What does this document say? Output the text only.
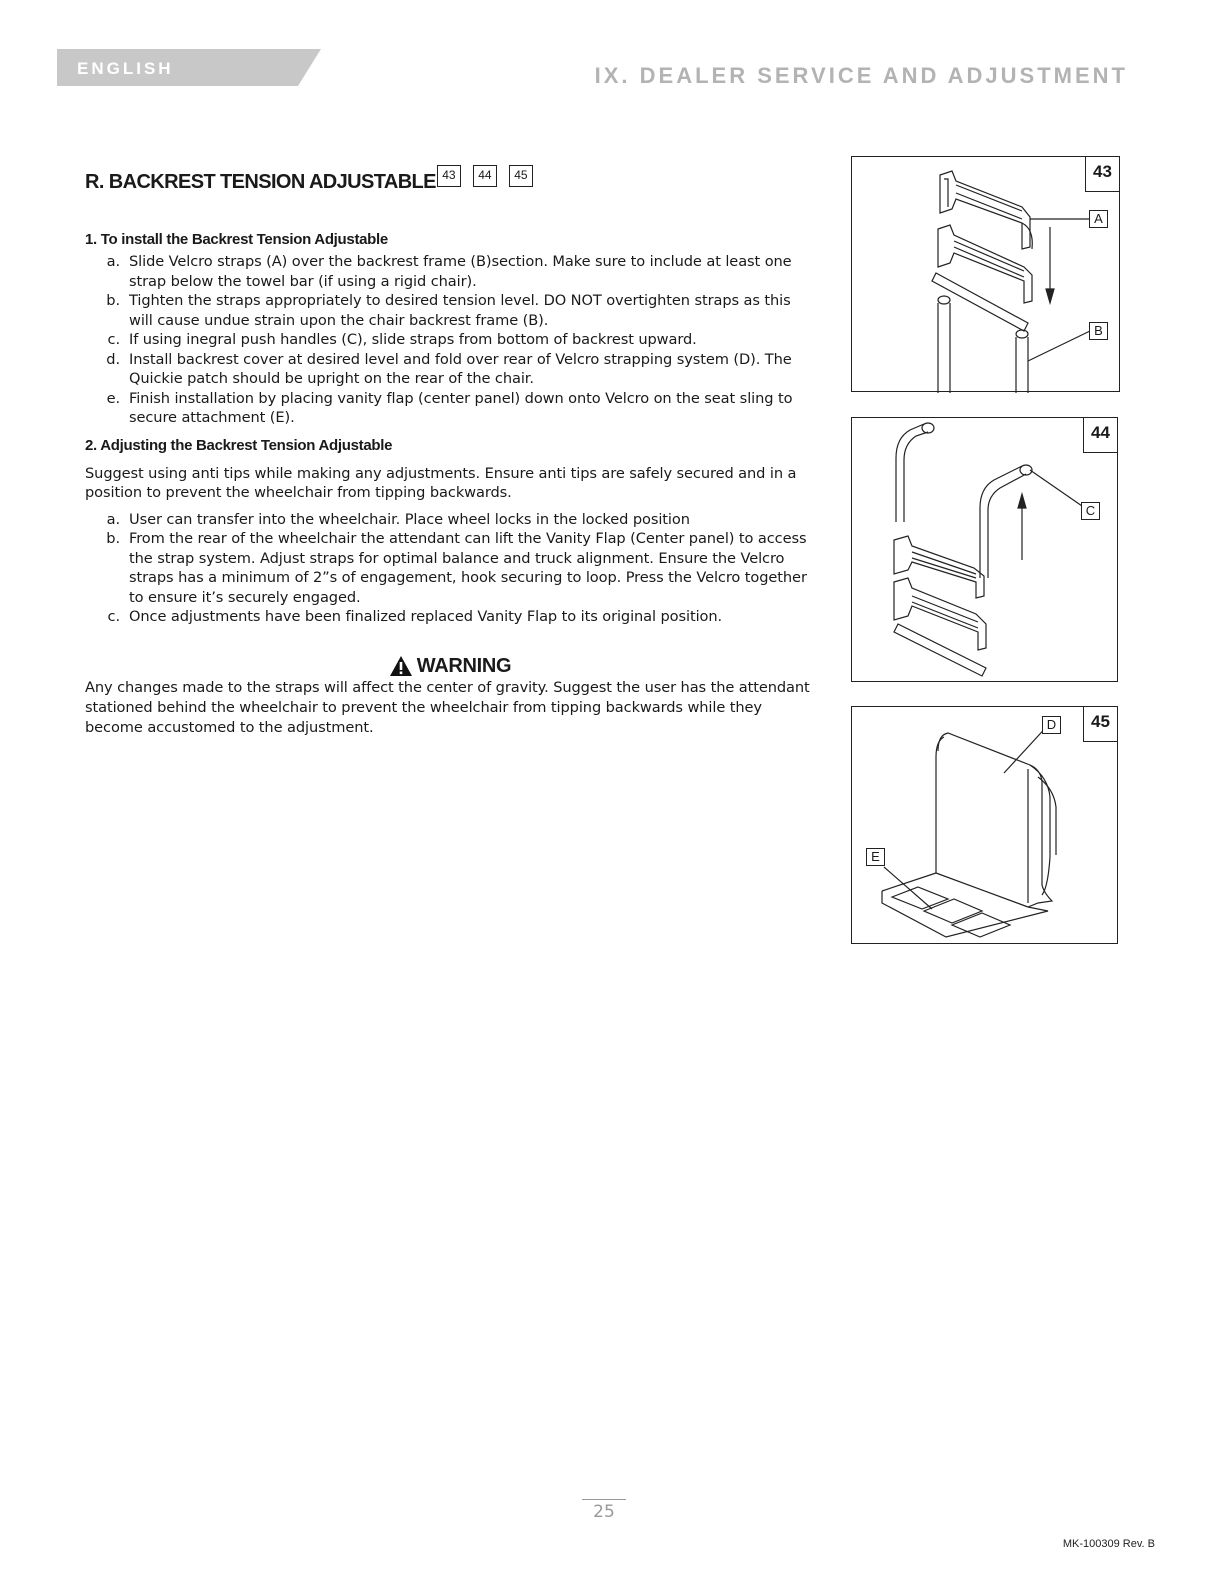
ENGLISH	IX. DEALER SERVICE AND ADJUSTMENT
R. BACKREST TENSION ADJUSTABLE 43	44	45
1. To install the Backrest Tension Adjustable
a. Slide Velcro straps (A) over the backrest frame (B)section. Make sure to include at least one strap below the towel bar (if using a rigid chair).
b. Tighten the straps appropriately to desired tension level. DO NOT overtighten straps as this will cause undue strain upon the chair backrest frame (B).
c. If using inegral push handles (C), slide straps from bottom of backrest upward.
d. Install backrest cover at desired level and fold over rear of Velcro strapping system (D). The Quickie patch should be upright on the rear of the chair.
e. Finish installation by placing vanity flap (center panel) down onto Velcro on the seat sling to secure attachment (E).
2. Adjusting the Backrest Tension Adjustable
Suggest using anti tips while making any adjustments. Ensure anti tips are safely secured and in a position to prevent the wheelchair from tipping backwards.
a. User can transfer into the wheelchair. Place wheel locks in the locked position
b. From the rear of the wheelchair the attendant can lift the Vanity Flap (Center panel) to access the strap system. Adjust straps for optimal balance and truck alignment. Ensure the Velcro straps has a minimum of 2”s of engagement, hook securing to loop. Press the Velcro together to ensure it’s securely engaged.
c. Once adjustments have been finalized replaced Vanity Flap to its original position.
WARNING
Any changes made to the straps will affect the center of gravity. Suggest the user has the attendant stationed behind the wheelchair to prevent the wheelchair from tipping backwards while they become accustomed to the adjustment.
43
A
B
44
C
45
D
E
25
MK-100309 Rev. B
